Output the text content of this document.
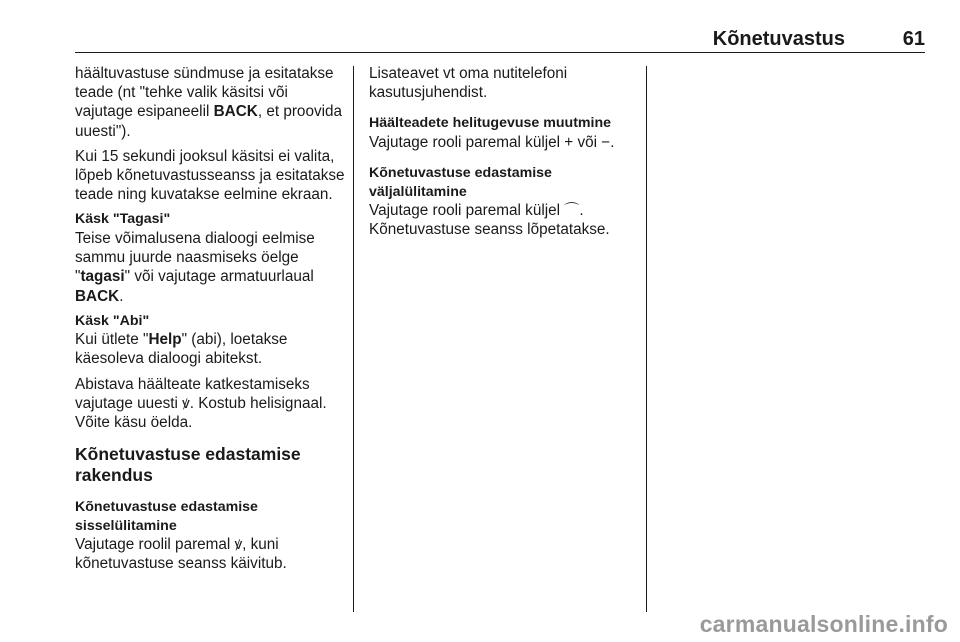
Kõnetuvastus	61

häältuvastuse sündmuse ja esitatakse teade (nt "tehke valik käsitsi või vajutage esipaneelil BACK, et proovida uuesti").

Kui 15 sekundi jooksul käsitsi ei valita, lõpeb kõnetuvastusseanss ja esitatakse teade ning kuvatakse eelmine ekraan.

Käsk "Tagasi"

Teise võimalusena dialoogi eelmise sammu juurde naasmiseks öelge "tagasi" või vajutage armatuurlaual BACK.

Käsk "Abi"

Kui ütlete "Help" (abi), loetakse käesoleva dialoogi abitekst.

Abistava häälteate katkestamiseks vajutage uuesti ꝟ. Kostub helisignaal. Võite käsu öelda.

Kõnetuvastuse edastamise rakendus

Kõnetuvastuse edastamise sisselülitamine

Vajutage roolil paremal ꝟ, kuni kõnetuvastuse seanss käivitub.

Lisateavet vt oma nutitelefoni kasutusjuhendist.

Häälteadete helitugevuse muutmine

Vajutage rooli paremal küljel + või −.

Kõnetuvastuse edastamise väljalülitamine

Vajutage rooli paremal küljel ⌒.

Kõnetuvastuse seanss lõpetatakse.

carmanualsonline.info
